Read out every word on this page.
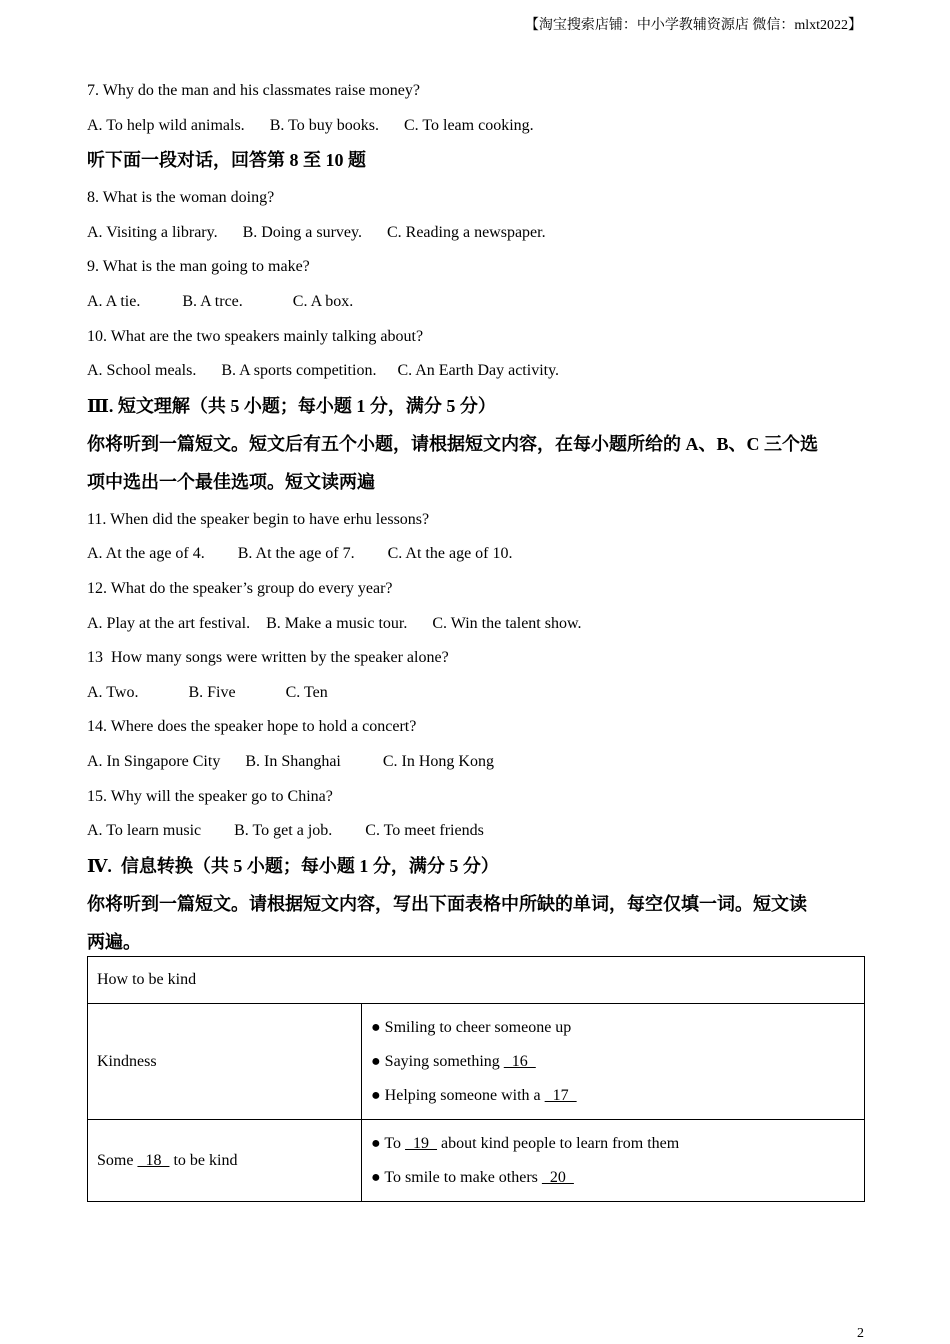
【淘宝搜索店铺：中小学教辅资源店 微信：mlxt2022】
7. Why do the man and his classmates raise money?
A. To help wild animals. B. To buy books. C. To leam cooking.
听下面一段对话，回答第 8 至 10 题
8. What is the woman doing?
A. Visiting a library. B. Doing a survey. C. Reading a newspaper.
9. What is the man going to make?
A. A tie.	B. A trce.	C. A box.
10. What are the two speakers mainly talking about?
A. School meals. B. A sports competition. C. An Earth Day activity.
Ⅲ. 短文理解（共 5 小题；每小题 1 分，满分 5 分）
你将听到一篇短文。短文后有五个小题，请根据短文内容，在每小题所给的 A、B、C 三个选
项中选出一个最佳选项。短文读两遍
11. When did the speaker begin to have erhu lessons?
A. At the age of 4. B. At the age of 7. C. At the age of 10.
12. What do the speaker’s group do every year?
A. Play at the art festival. B. Make a music tour. C. Win the talent show.
13  How many songs were written by the speaker alone?
A. Two.	B. Five	C. Ten
14. Where does the speaker hope to hold a concert?
A. In Singapore City B. In Shanghai	C. In Hong Kong
15. Why will the speaker go to China?
A. To learn music B. To get a job. C. To meet friends
Ⅳ.  信息转换（共 5 小题；每小题 1 分，满分 5 分）
你将听到一篇短文。请根据短文内容，写出下面表格中所缺的单词，每空仅填一词。短文读
两遍。
How to be kind	
Kindness	● Smiling to cheer someone up
● Saying something   16
● Helping someone with a   17

Some   18   to be kind	● To   19   about kind people to learn from them
● To smile to make others   20
2
